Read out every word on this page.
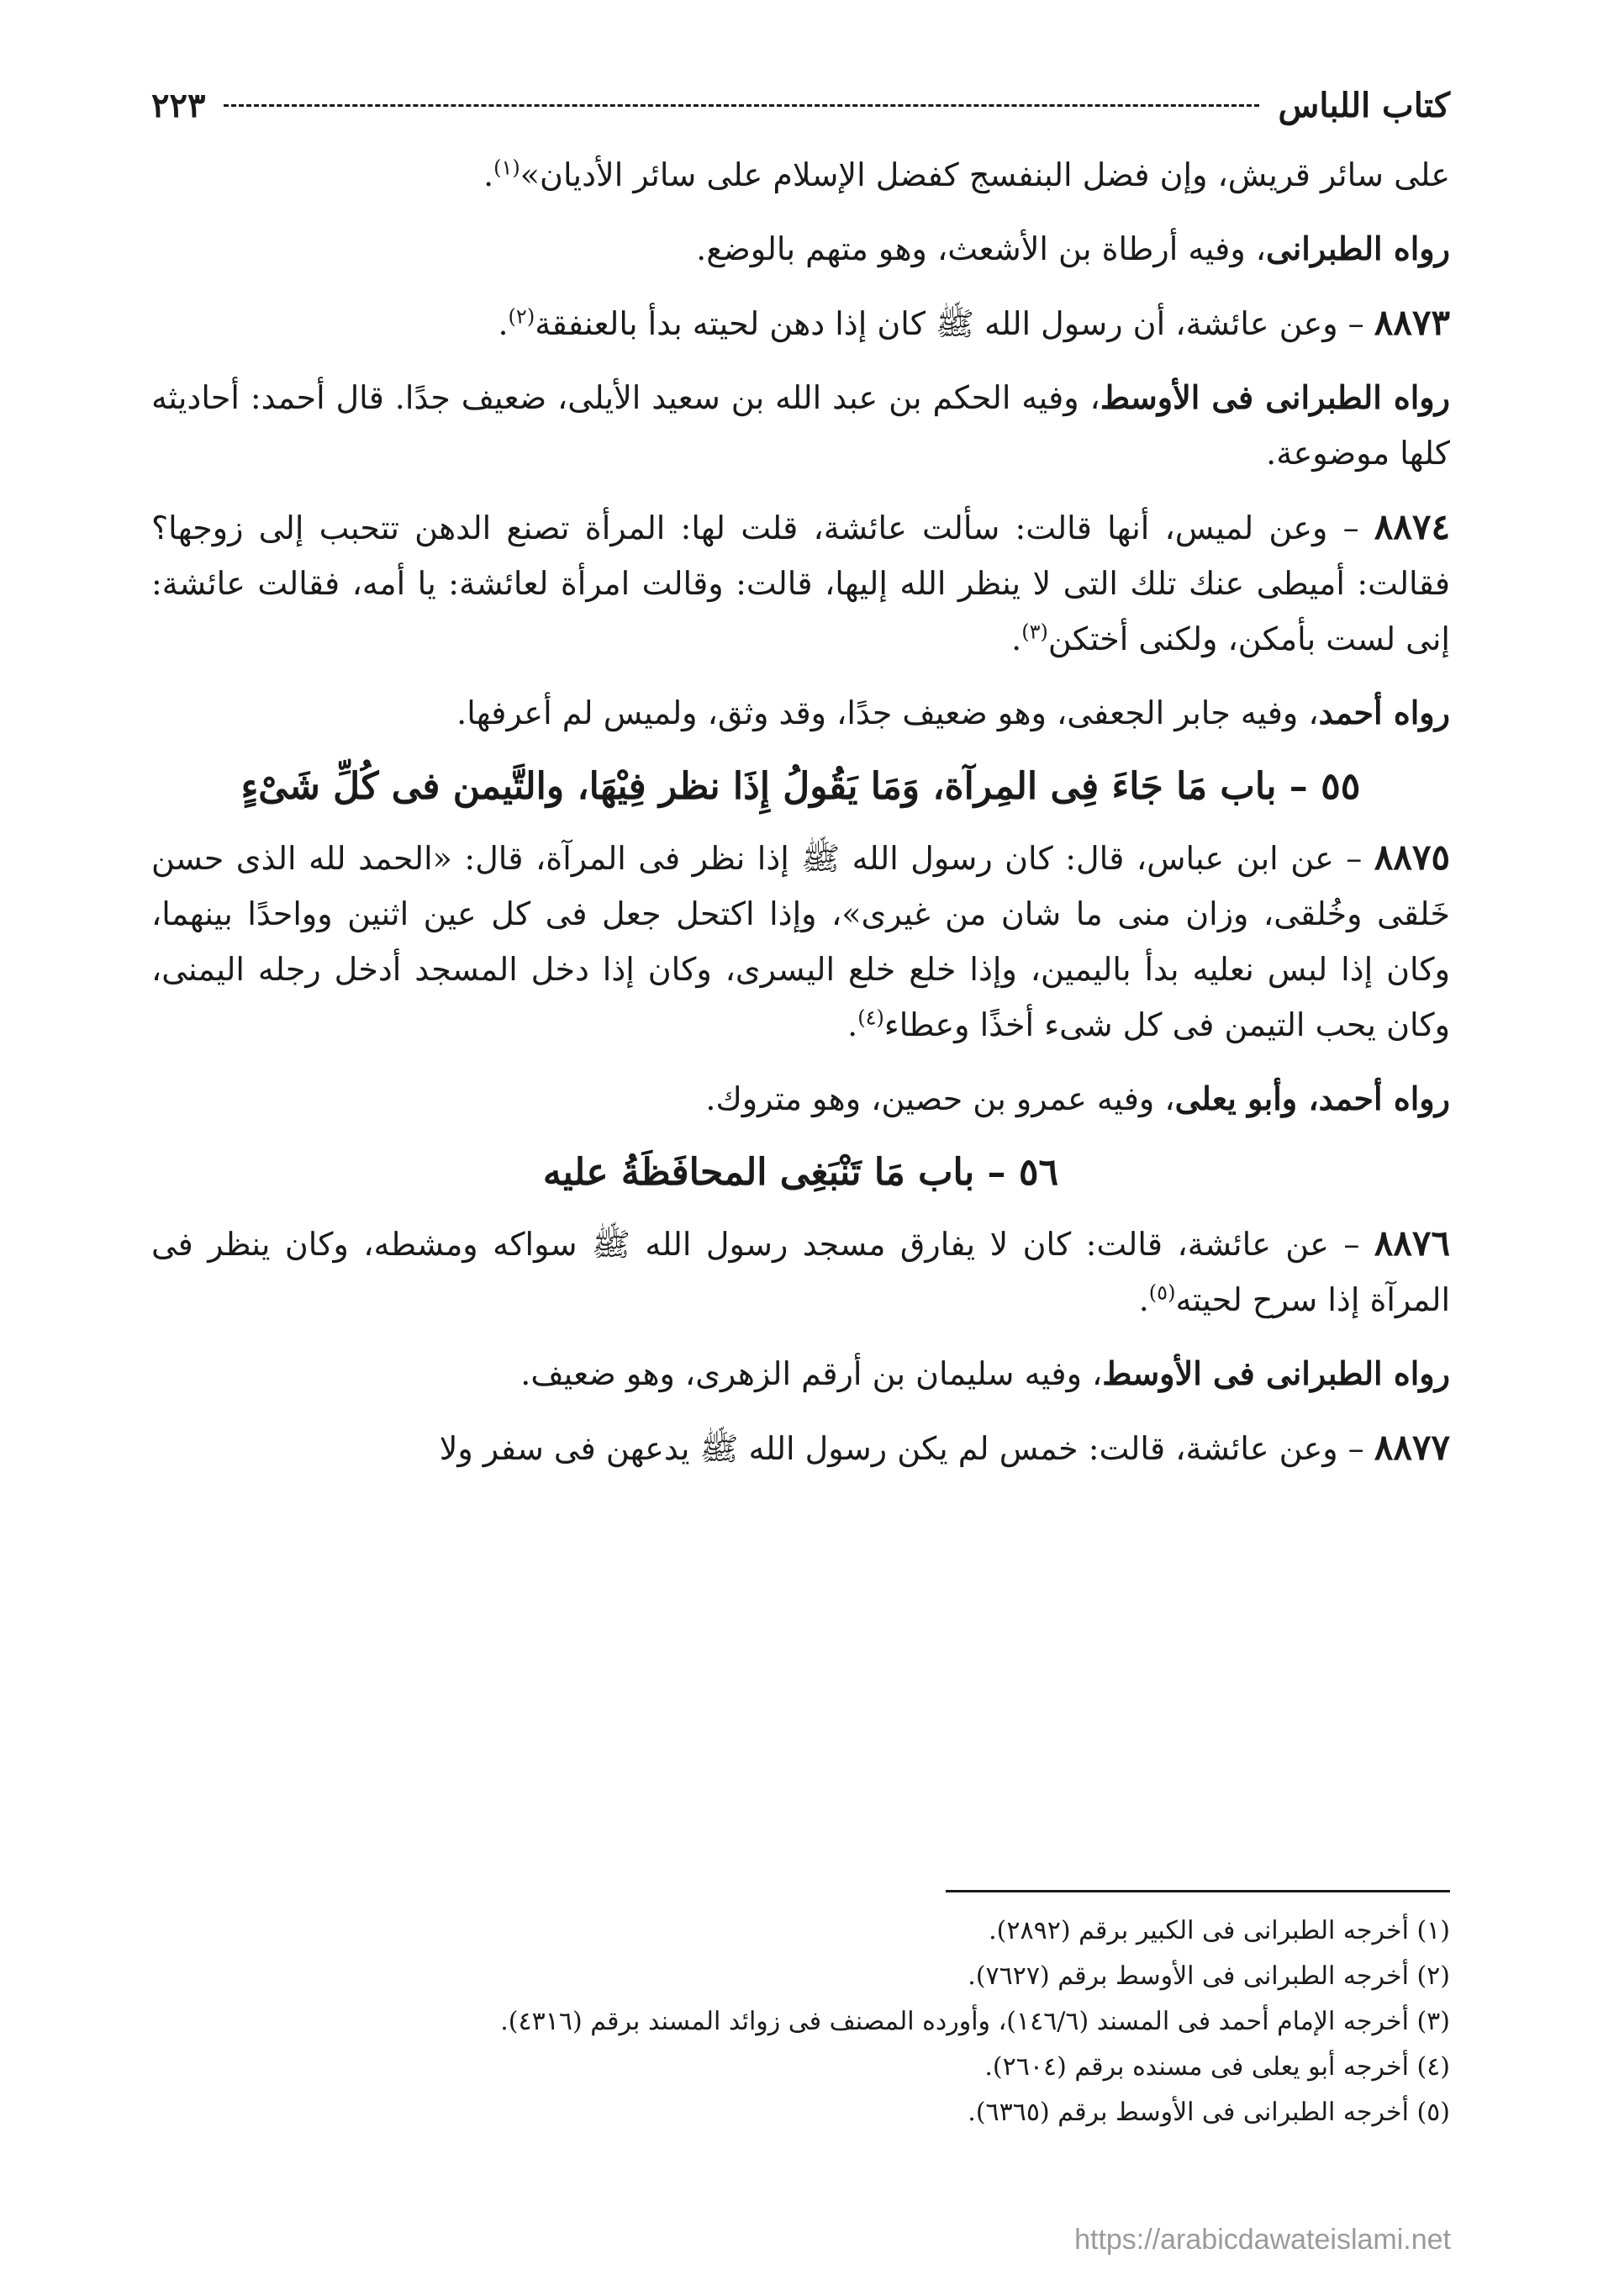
كتاب اللباس
٢٢٣

على سائر قريش، وإن فضل البنفسج كفضل الإسلام على سائر الأديان»$^{(١)}$.

رواه الطبرانى، وفيه أرطاة بن الأشعث، وهو متهم بالوضع.

٨٨٧٣ – وعن عائشة، أن رسول الله ﷺ كان إذا دهن لحيته بدأ بالعنفقة$^{(٢)}$.

رواه الطبرانى فى الأوسط، وفيه الحكم بن عبد الله بن سعيد الأيلى، ضعيف جدًا. قال أحمد: أحاديثه كلها موضوعة.

٨٨٧٤ – وعن لميس، أنها قالت: سألت عائشة، قلت لها: المرأة تصنع الدهن تتحبب إلى زوجها؟ فقالت: أميطى عنك تلك التى لا ينظر الله إليها، قالت: وقالت امرأة لعائشة: يا أمه، فقالت عائشة: إنى لست بأمكن، ولكنى أختكن$^{(٣)}$.

رواه أحمد، وفيه جابر الجعفى، وهو ضعيف جدًا، وقد وثق، ولميس لم أعرفها.

٥٥ – باب مَا جَاءَ فِى المِرآة، وَمَا يَقُولُ إِذَا نظر فِيْهَا، والتَّيمن فى كُلِّ شَىْءٍ

٨٨٧٥ – عن ابن عباس، قال: كان رسول الله ﷺ إذا نظر فى المرآة، قال: «الحمد لله الذى حسن خَلقى وخُلقى، وزان منى ما شان من غيرى»، وإذا اكتحل جعل فى كل عين اثنين وواحدًا بينهما، وكان إذا لبس نعليه بدأ باليمين، وإذا خلع خلع اليسرى، وكان إذا دخل المسجد أدخل رجله اليمنى، وكان يحب التيمن فى كل شىء أخذًا وعطاء$^{(٤)}$.

رواه أحمد، وأبو يعلى، وفيه عمرو بن حصين، وهو متروك.

٥٦ – باب مَا تَنْبَغِى المحافَظَةُ عليه

٨٨٧٦ – عن عائشة، قالت: كان لا يفارق مسجد رسول الله ﷺ سواكه ومشطه، وكان ينظر فى المرآة إذا سرح لحيته$^{(٥)}$.

رواه الطبرانى فى الأوسط، وفيه سليمان بن أرقم الزهرى، وهو ضعيف.

٨٨٧٧ – وعن عائشة، قالت: خمس لم يكن رسول الله ﷺ يدعهن فى سفر ولا

(١) أخرجه الطبرانى فى الكبير برقم (٢٨٩٢).
(٢) أخرجه الطبرانى فى الأوسط برقم (٧٦٢٧).
(٣) أخرجه الإمام أحمد فى المسند (١٤٦/٦)، وأورده المصنف فى زوائد المسند برقم (٤٣١٦).
(٤) أخرجه أبو يعلى فى مسنده برقم (٢٦٠٤).
(٥) أخرجه الطبرانى فى الأوسط برقم (٦٣٦٥).
https://arabicdawateislami.net
